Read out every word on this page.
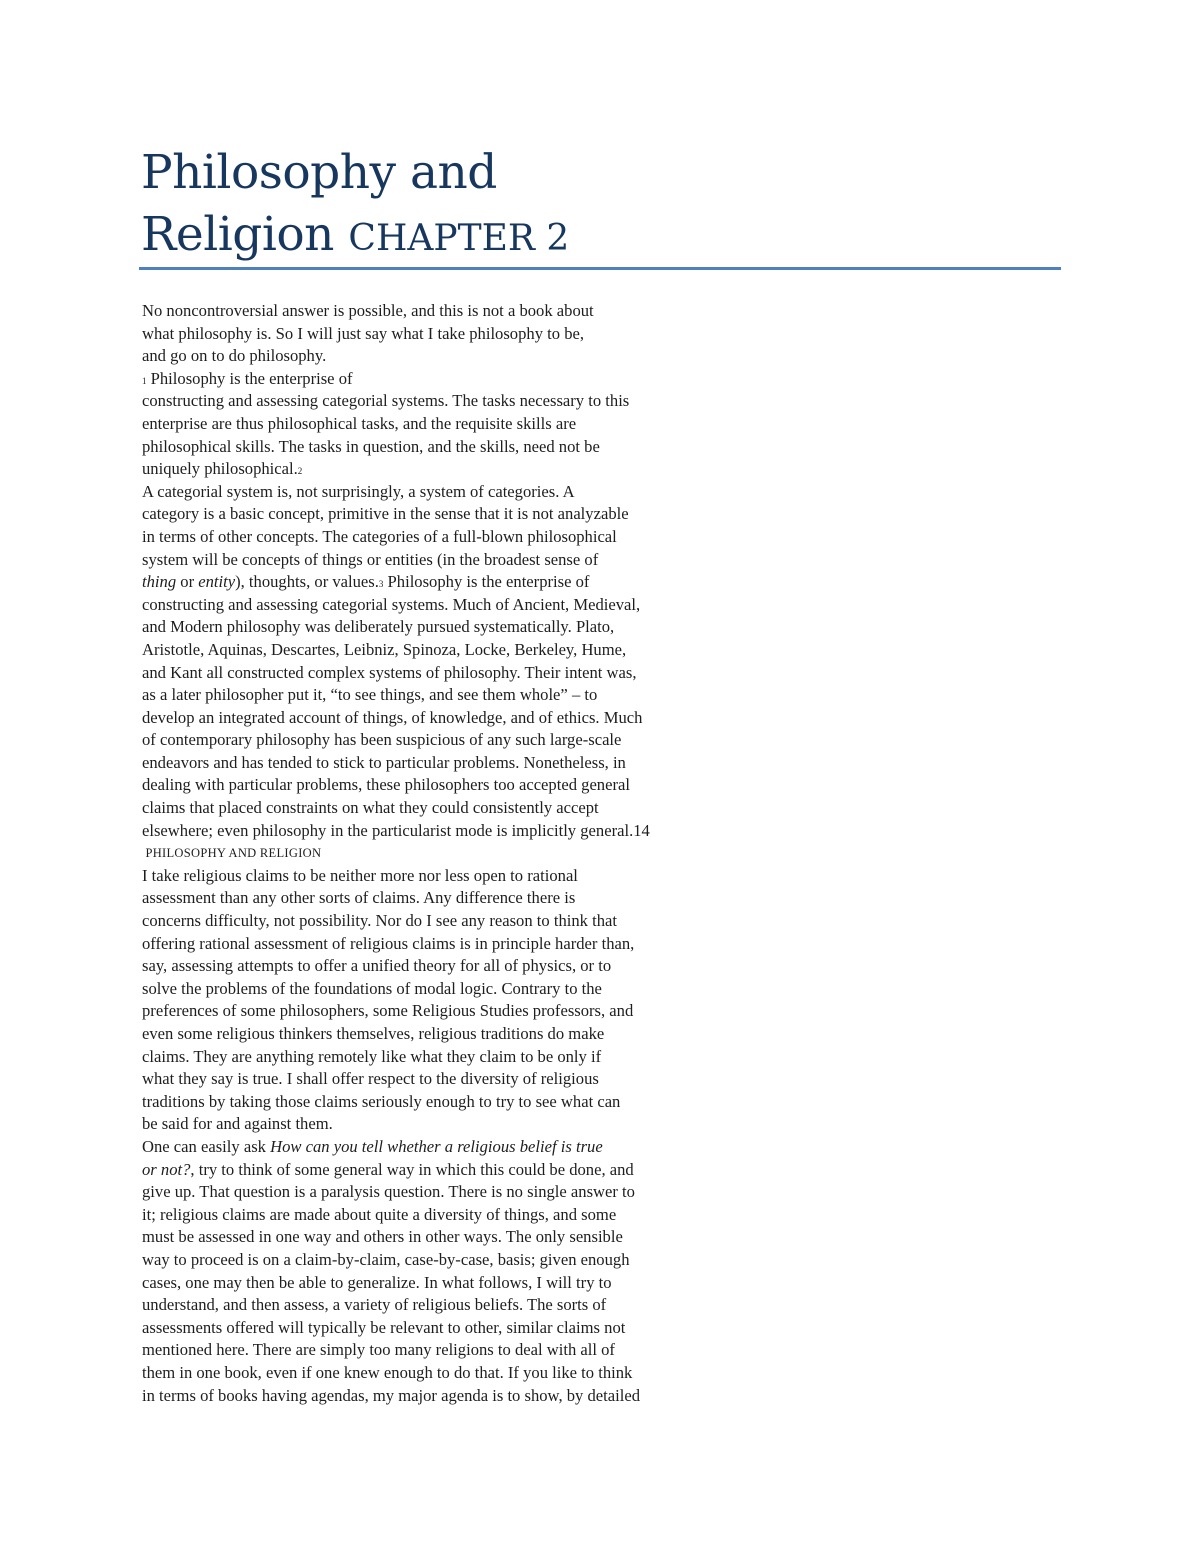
Philosophy and
Religion CHAPTER 2
No noncontroversial answer is possible, and this is not a book about
what philosophy is. So I will just say what I take philosophy to be,
and go on to do philosophy.
1 Philosophy is the enterprise of
constructing and assessing categorial systems. The tasks necessary to this
enterprise are thus philosophical tasks, and the requisite skills are
philosophical skills. The tasks in question, and the skills, need not be
uniquely philosophical.2
A categorial system is, not surprisingly, a system of categories. A
category is a basic concept, primitive in the sense that it is not analyzable
in terms of other concepts. The categories of a full-blown philosophical
system will be concepts of things or entities (in the broadest sense of
thing or entity), thoughts, or values.3 Philosophy is the enterprise of
constructing and assessing categorial systems. Much of Ancient, Medieval,
and Modern philosophy was deliberately pursued systematically. Plato,
Aristotle, Aquinas, Descartes, Leibniz, Spinoza, Locke, Berkeley, Hume,
and Kant all constructed complex systems of philosophy. Their intent was,
as a later philosopher put it, “to see things, and see them whole” – to
develop an integrated account of things, of knowledge, and of ethics. Much
of contemporary philosophy has been suspicious of any such large-scale
endeavors and has tended to stick to particular problems. Nonetheless, in
dealing with particular problems, these philosophers too accepted general
claims that placed constraints on what they could consistently accept
elsewhere; even philosophy in the particularist mode is implicitly general.14
PHILOSOPHY AND RELIGION
I take religious claims to be neither more nor less open to rational
assessment than any other sorts of claims. Any difference there is
concerns difficulty, not possibility. Nor do I see any reason to think that
offering rational assessment of religious claims is in principle harder than,
say, assessing attempts to offer a unified theory for all of physics, or to
solve the problems of the foundations of modal logic. Contrary to the
preferences of some philosophers, some Religious Studies professors, and
even some religious thinkers themselves, religious traditions do make
claims. They are anything remotely like what they claim to be only if
what they say is true. I shall offer respect to the diversity of religious
traditions by taking those claims seriously enough to try to see what can
be said for and against them.
One can easily ask How can you tell whether a religious belief is true
or not?, try to think of some general way in which this could be done, and
give up. That question is a paralysis question. There is no single answer to
it; religious claims are made about quite a diversity of things, and some
must be assessed in one way and others in other ways. The only sensible
way to proceed is on a claim-by-claim, case-by-case, basis; given enough
cases, one may then be able to generalize. In what follows, I will try to
understand, and then assess, a variety of religious beliefs. The sorts of
assessments offered will typically be relevant to other, similar claims not
mentioned here. There are simply too many religions to deal with all of
them in one book, even if one knew enough to do that. If you like to think
in terms of books having agendas, my major agenda is to show, by detailed
